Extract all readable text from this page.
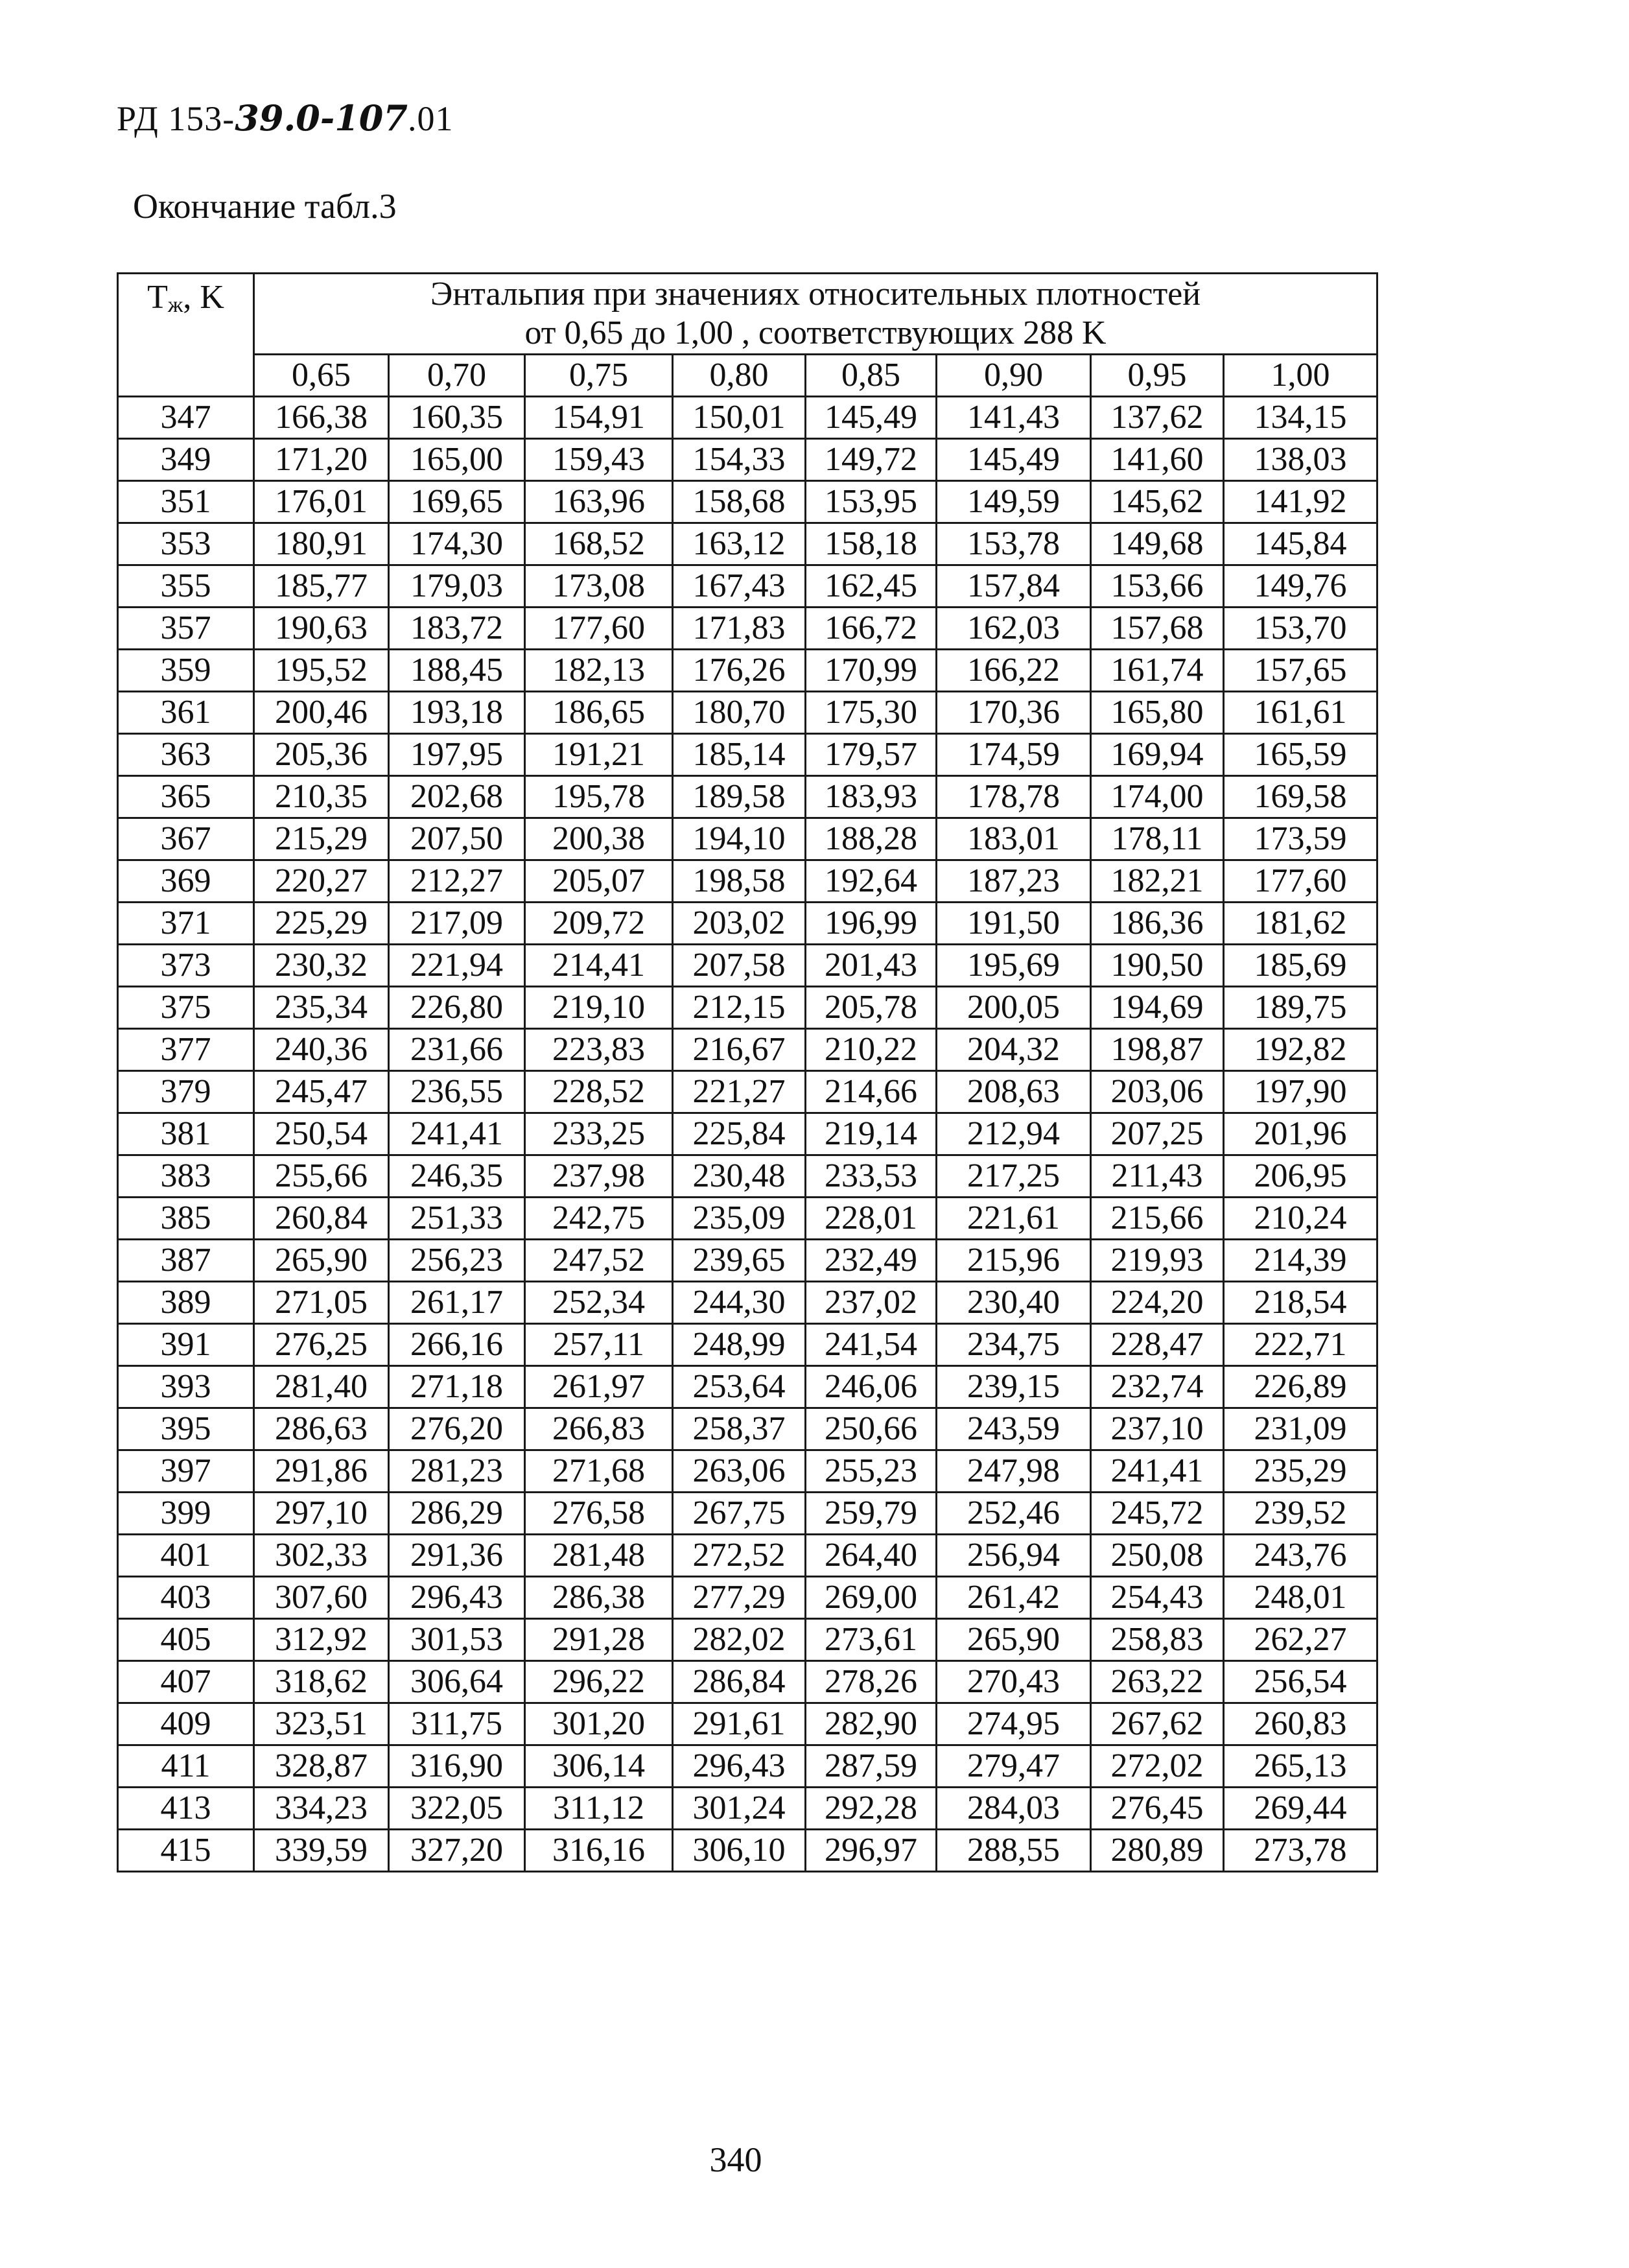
РД 153-39.0-107.01
Окончание табл.3
$T_ж$, K	Энтальпия при значениях относительных плотностей
от 0,65 до 1,00 , соответствующих 288 K							

	0,65	0,70	0,75	0,80	0,85	0,90	0,95	1,00
347	166,38	160,35	154,91	150,01	145,49	141,43	137,62	134,15
349	171,20	165,00	159,43	154,33	149,72	145,49	141,60	138,03
351	176,01	169,65	163,96	158,68	153,95	149,59	145,62	141,92
353	180,91	174,30	168,52	163,12	158,18	153,78	149,68	145,84
355	185,77	179,03	173,08	167,43	162,45	157,84	153,66	149,76
357	190,63	183,72	177,60	171,83	166,72	162,03	157,68	153,70
359	195,52	188,45	182,13	176,26	170,99	166,22	161,74	157,65
361	200,46	193,18	186,65	180,70	175,30	170,36	165,80	161,61
363	205,36	197,95	191,21	185,14	179,57	174,59	169,94	165,59
365	210,35	202,68	195,78	189,58	183,93	178,78	174,00	169,58
367	215,29	207,50	200,38	194,10	188,28	183,01	178,11	173,59
369	220,27	212,27	205,07	198,58	192,64	187,23	182,21	177,60
371	225,29	217,09	209,72	203,02	196,99	191,50	186,36	181,62
373	230,32	221,94	214,41	207,58	201,43	195,69	190,50	185,69
375	235,34	226,80	219,10	212,15	205,78	200,05	194,69	189,75
377	240,36	231,66	223,83	216,67	210,22	204,32	198,87	192,82
379	245,47	236,55	228,52	221,27	214,66	208,63	203,06	197,90
381	250,54	241,41	233,25	225,84	219,14	212,94	207,25	201,96
383	255,66	246,35	237,98	230,48	233,53	217,25	211,43	206,95
385	260,84	251,33	242,75	235,09	228,01	221,61	215,66	210,24
387	265,90	256,23	247,52	239,65	232,49	215,96	219,93	214,39
389	271,05	261,17	252,34	244,30	237,02	230,40	224,20	218,54
391	276,25	266,16	257,11	248,99	241,54	234,75	228,47	222,71
393	281,40	271,18	261,97	253,64	246,06	239,15	232,74	226,89
395	286,63	276,20	266,83	258,37	250,66	243,59	237,10	231,09
397	291,86	281,23	271,68	263,06	255,23	247,98	241,41	235,29
399	297,10	286,29	276,58	267,75	259,79	252,46	245,72	239,52
401	302,33	291,36	281,48	272,52	264,40	256,94	250,08	243,76
403	307,60	296,43	286,38	277,29	269,00	261,42	254,43	248,01
405	312,92	301,53	291,28	282,02	273,61	265,90	258,83	262,27
407	318,62	306,64	296,22	286,84	278,26	270,43	263,22	256,54
409	323,51	311,75	301,20	291,61	282,90	274,95	267,62	260,83
411	328,87	316,90	306,14	296,43	287,59	279,47	272,02	265,13
413	334,23	322,05	311,12	301,24	292,28	284,03	276,45	269,44
415	339,59	327,20	316,16	306,10	296,97	288,55	280,89	273,78
340
